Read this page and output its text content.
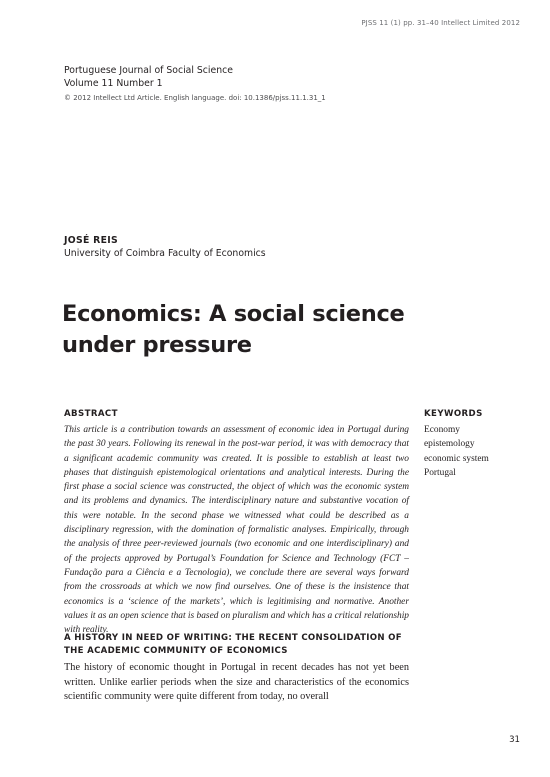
PJSS 11 (1) pp. 31–40 Intellect Limited 2012
Portuguese Journal of Social Science
Volume 11 Number 1
© 2012 Intellect Ltd Article. English language. doi: 10.1386/pjss.11.1.31_1
JOSÉ REIS
University of Coimbra Faculty of Economics
Economics: A social science under pressure
ABSTRACT	KEYWORDS

This article is a contribution towards an assessment of economic idea in Portugal during the past 30 years. Following its renewal in the post-war period, it was with democracy that a significant academic community was created. It is possible to establish at least two phases that distinguish epistemological orientations and analytical interests. During the first phase a social science was constructed, the object of which was the economic system and its problems and dynamics. The interdisciplinary nature and substantive vocation of this were notable. In the second phase we witnessed what could be described as a disciplinary regression, with the domination of formalistic analyses. Empirically, through the analysis of three peer-reviewed journals (two economic and one interdisciplinary) and of the projects approved by Portugal’s Foundation for Science and Technology (FCT – Fundação para a Ciência e a Tecnologia), we conclude there are several ways forward from the crossroads at which we now find ourselves. One of these is the insistence that economics is a ‘science of the markets’, which is legitimising and normative. Another values it as an open science that is based on pluralism and which has a critical relationship with reality.

Economy
epistemology
economic system
Portugal
A HISTORY IN NEED OF WRITING: THE RECENT CONSOLIDATION OF THE ACADEMIC COMMUNITY OF ECONOMICS

The history of economic thought in Portugal in recent decades has not yet been written. Unlike earlier periods when the size and characteristics of the economics scientific community were quite different from today, no overall

31
